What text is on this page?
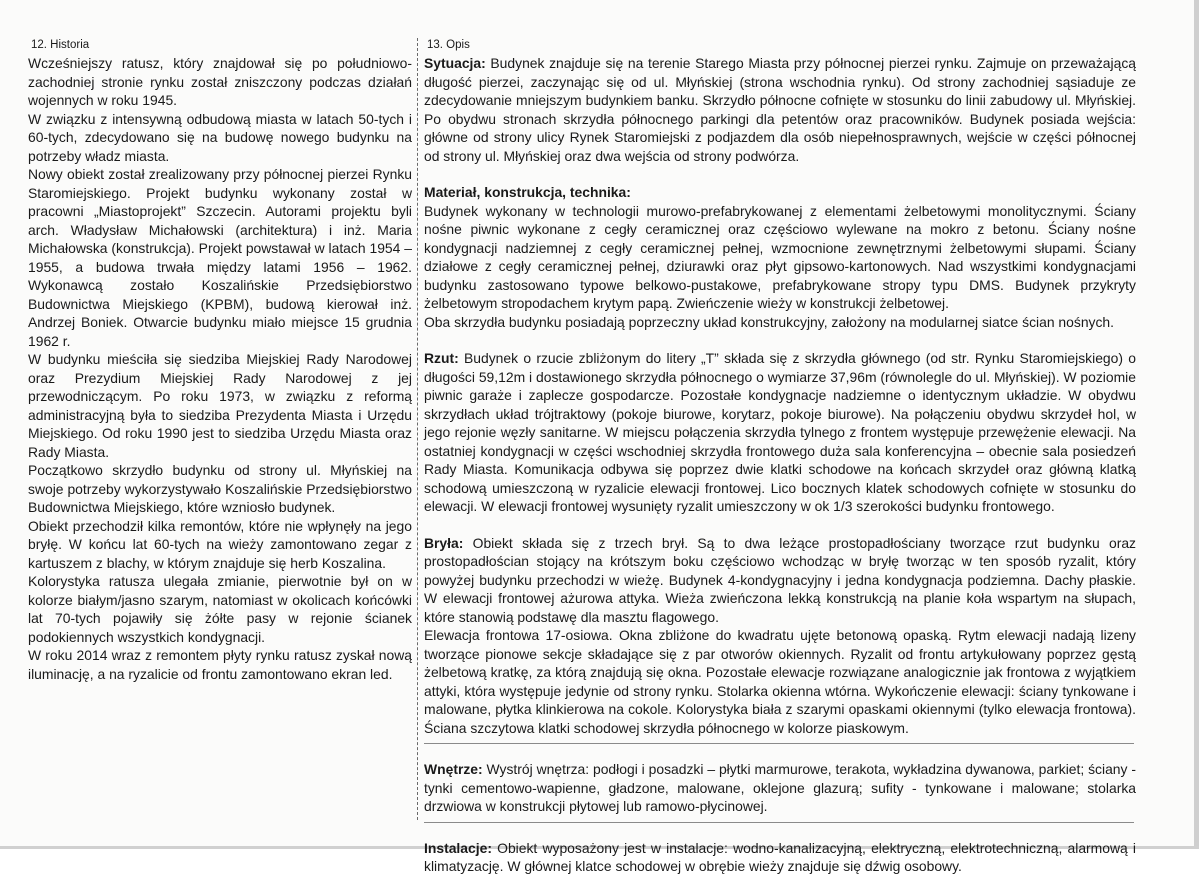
12. Historia

Wcześniejszy ratusz, który znajdował się po południowo-zachodniej stronie rynku został zniszczony podczas działań wojennych w roku 1945.

W związku z intensywną odbudową miasta w latach 50-tych i 60-tych, zdecydowano się na budowę nowego budynku na potrzeby władz miasta.

Nowy obiekt został zrealizowany przy północnej pierzei Rynku Staromiejskiego. Projekt budynku wykonany został w pracowni „Miastoprojekt” Szczecin. Autorami projektu byli arch. Władysław Michałowski (architektura) i inż. Maria Michałowska (konstrukcja). Projekt powstawał w latach 1954 – 1955, a budowa trwała między latami 1956 – 1962. Wykonawcą zostało Koszalińskie Przedsiębiorstwo Budownictwa Miejskiego (KPBM), budową kierował inż. Andrzej Boniek. Otwarcie budynku miało miejsce 15 grudnia 1962 r.

W budynku mieściła się siedziba Miejskiej Rady Narodowej oraz Prezydium Miejskiej Rady Narodowej z jej przewodniczącym. Po roku 1973, w związku z reformą administracyjną była to siedziba Prezydenta Miasta i Urzędu Miejskiego. Od roku 1990 jest to siedziba Urzędu Miasta oraz Rady Miasta.

Początkowo skrzydło budynku od strony ul. Młyńskiej na swoje potrzeby wykorzystywało Koszalińskie Przedsiębiorstwo Budownictwa Miejskiego, które wzniosło budynek.

Obiekt przechodził kilka remontów, które nie wpłynęły na jego bryłę. W końcu lat 60-tych na wieży zamontowano zegar z kartuszem z blachy, w którym znajduje się herb Koszalina.

Kolorystyka ratusza ulegała zmianie, pierwotnie był on w kolorze białym/jasno szarym, natomiast w okolicach końcówki lat 70-tych pojawiły się żółte pasy w rejonie ścianek podokiennych wszystkich kondygnacji.

W roku 2014 wraz z remontem płyty rynku ratusz zyskał nową iluminację, a na ryzalicie od frontu zamontowano ekran led.

13. Opis

Sytuacja: Budynek znajduje się na terenie Starego Miasta przy północnej pierzei rynku. Zajmuje on przeważającą długość pierzei, zaczynając się od ul. Młyńskiej (strona wschodnia rynku). Od strony zachodniej sąsiaduje ze zdecydowanie mniejszym budynkiem banku. Skrzydło północne cofnięte w stosunku do linii zabudowy ul. Młyńskiej. Po obydwu stronach skrzydła północnego parkingi dla petentów oraz pracowników. Budynek posiada wejścia: główne od strony ulicy Rynek Staromiejski z podjazdem dla osób niepełnosprawnych, wejście w części północnej od strony ul. Młyńskiej oraz dwa wejścia od strony podwórza.

Materiał, konstrukcja, technika:

Budynek wykonany w technologii murowo-prefabrykowanej z elementami żelbetowymi monolitycznymi. Ściany nośne piwnic wykonane z cegły ceramicznej oraz częściowo wylewane na mokro z betonu. Ściany nośne kondygnacji nadziemnej z cegły ceramicznej pełnej, wzmocnione zewnętrznymi żelbetowymi słupami. Ściany działowe z cegły ceramicznej pełnej, dziurawki oraz płyt gipsowo-kartonowych. Nad wszystkimi kondygnacjami budynku zastosowano typowe belkowo-pustakowe, prefabrykowane stropy typu DMS. Budynek przykryty żelbetowym stropodachem krytym papą. Zwieńczenie wieży w konstrukcji żelbetowej.

Oba skrzydła budynku posiadają poprzeczny układ konstrukcyjny, założony na modularnej siatce ścian nośnych.

Rzut: Budynek o rzucie zbliżonym do litery „T” składa się z skrzydła głównego (od str. Rynku Staromiejskiego) o długości 59,12m i dostawionego skrzydła północnego o wymiarze 37,96m (równolegle do ul. Młyńskiej). W poziomie piwnic garaże i zaplecze gospodarcze. Pozostałe kondygnacje nadziemne o identycznym układzie. W obydwu skrzydłach układ trójtraktowy (pokoje biurowe, korytarz, pokoje biurowe). Na połączeniu obydwu skrzydeł hol, w jego rejonie węzły sanitarne. W miejscu połączenia skrzydła tylnego z frontem występuje przewężenie elewacji. Na ostatniej kondygnacji w części wschodniej skrzydła frontowego duża sala konferencyjna – obecnie sala posiedzeń Rady Miasta. Komunikacja odbywa się poprzez dwie klatki schodowe na końcach skrzydeł oraz główną klatką schodową umieszczoną w ryzalicie elewacji frontowej. Lico bocznych klatek schodowych cofnięte w stosunku do elewacji. W elewacji frontowej wysunięty ryzalit umieszczony w ok 1/3 szerokości budynku frontowego.

Bryła: Obiekt składa się z trzech brył. Są to dwa leżące prostopadłościany tworzące rzut budynku oraz prostopadłościan stojący na krótszym boku częściowo wchodząc w bryłę tworząc w ten sposób ryzalit, który powyżej budynku przechodzi w wieżę. Budynek 4-kondygnacyjny i jedna kondygnacja podziemna. Dachy płaskie. W elewacji frontowej ażurowa attyka. Wieża zwieńczona lekką konstrukcją na planie koła wspartym na słupach, które stanowią podstawę dla masztu flagowego.

Elewacja frontowa 17-osiowa. Okna zbliżone do kwadratu ujęte betonową opaską. Rytm elewacji nadają lizeny tworzące pionowe sekcje składające się z par otworów okiennych. Ryzalit od frontu artykułowany poprzez gęstą żelbetową kratkę, za którą znajdują się okna. Pozostałe elewacje rozwiązane analogicznie jak frontowa z wyjątkiem attyki, która występuje jedynie od strony rynku. Stolarka okienna wtórna. Wykończenie elewacji: ściany tynkowane i malowane, płytka klinkierowa na cokole. Kolorystyka biała z szarymi opaskami okiennymi (tylko elewacja frontowa). Ściana szczytowa klatki schodowej skrzydła północnego w kolorze piaskowym.

Wnętrze: Wystrój wnętrza: podłogi i posadzki – płytki marmurowe, terakota, wykładzina dywanowa, parkiet; ściany - tynki cementowo-wapienne, gładzone, malowane, oklejone glazurą; sufity - tynkowane i malowane; stolarka drzwiowa w konstrukcji płytowej lub ramowo-płycinowej.

Instalacje: Obiekt wyposażony jest w instalacje: wodno-kanalizacyjną, elektryczną, elektrotechniczną, alarmową i klimatyzację. W głównej klatce schodowej w obrębie wieży znajduje się dźwig osobowy.
